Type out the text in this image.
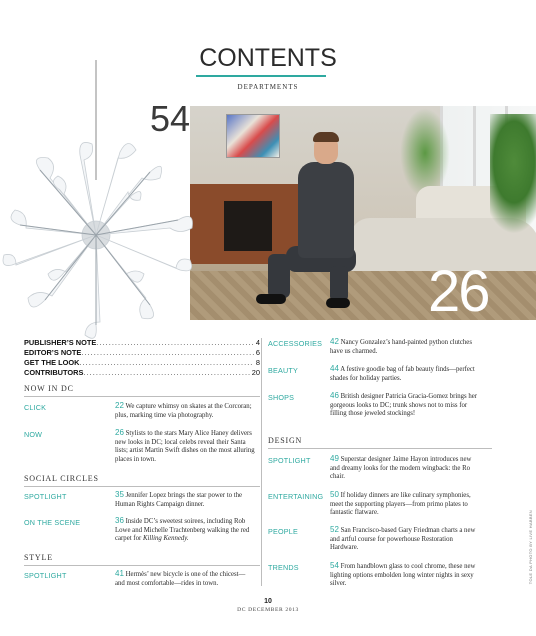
CONTENTS
DEPARTMENTS
54
26
PUBLISHER’S NOTE . . .	4
EDITOR’S NOTE . . .	6
GET THE LOOK . . .	8
CONTRIBUTORS . . .	20
NOW IN DC
CLICK	22 We capture whimsy on skates at the Corcoran; plus, marking time via photography.
NOW	26 Stylists to the stars Mary Alice Haney delivers new looks in DC; local celebs reveal their Santa lists; artist Martin Swift dishes on the most alluring places in town.
SOCIAL CIRCLES
SPOTLIGHT	35 Jennifer Lopez brings the star power to the Human Rights Campaign dinner.
ON THE SCENE	36 Inside DC’s sweetest soirees, including Rob Lowe and Michelle Trachtenberg walking the red carpet for Killing Kennedy.
STYLE
SPOTLIGHT	41 Hermès’ new bicycle is one of the chicest—and most comfortable—rides in town.
ACCESSORIES 42 Nancy Gonzalez’s hand-painted python clutches have us charmed.
BEAUTY	44 A festive goodie bag of fab beauty finds—perfect shades for holiday parties.
SHOPS	46 British designer Patricia Gracia-Gomez brings her gorgeous looks to DC; trunk shows not to miss for filling those jeweled stockings!
DESIGN
SPOTLIGHT 49 Superstar designer Jaime Hayon introduces new and dreamy looks for the modern wingback: the Ro chair.
ENTERTAINING 50 If holiday dinners are like culinary symphonies, meet the supporting players—from primo plates to fantastic flatware.
PEOPLE	52 San Francisco-based Gary Friedman charts a new and artful course for powerhouse Restoration Hardware.
TRENDS	54 From handblown glass to cool chrome, these new lighting options embolden long winter nights in sexy silver.	TOLE DA PHOTO BY LIVE HABBEN
10
DC DECEMBER 2013
